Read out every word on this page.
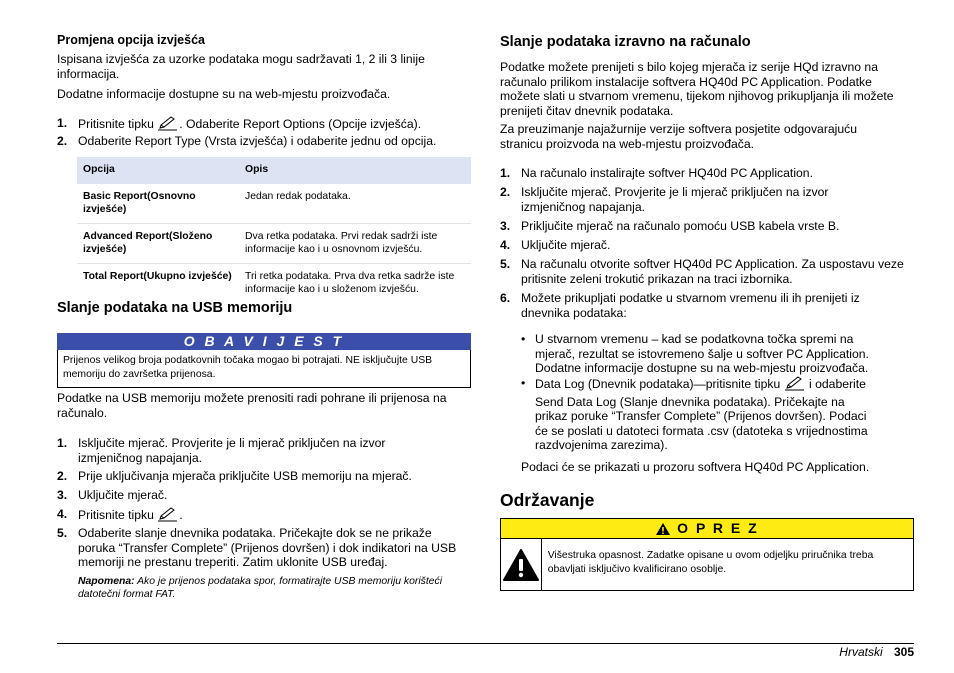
Promjena opcija izvješća
Ispisana izvješća za uzorke podataka mogu sadržavati 1, 2 ili 3 linije informacija.
Dodatne informacije dostupne su na web-mjestu proizvođača.
1. Pritisnite tipku . Odaberite Report Options (Opcije izvješća).
2. Odaberite Report Type (Vrsta izvješća) i odaberite jednu od opcija.
Opcija	Opis
Basic Report(Osnovno izvješće)	Jedan redak podataka.
Advanced Report(Složeno izvješće)	Dva retka podataka. Prvi redak sadrži iste informacije kao i u osnovnom izvješću.
Total Report(Ukupno izvješće)	Tri retka podataka. Prva dva retka sadrže iste informacije kao i u složenom izvješću.
Slanje podataka na USB memoriju
O B A V I J E S T
Prijenos velikog broja podatkovnih točaka mogao bi potrajati. NE isključujte USB memoriju do završetka prijenosa.
Podatke na USB memoriju možete prenositi radi pohrane ili prijenosa na računalo.
1. Isključite mjerač. Provjerite je li mjerač priključen na izvor izmjeničnog napajanja.
2. Prije uključivanja mjerača priključite USB memoriju na mjerač.
3. Uključite mjerač.
4. Pritisnite tipku .
5. Odaberite slanje dnevnika podataka. Pričekajte dok se ne prikaže poruka “Transfer Complete” (Prijenos dovršen) i dok indikatori na USB memoriji ne prestanu treperiti. Zatim uklonite USB uređaj.
Napomena: Ako je prijenos podataka spor, formatirajte USB memoriju korišteći datotečni format FAT.
Slanje podataka izravno na računalo
Podatke možete prenijeti s bilo kojeg mjerača iz serije HQd izravno na računalo prilikom instalacije softvera HQ40d PC Application. Podatke možete slati u stvarnom vremenu, tijekom njihovog prikupljanja ili možete prenijeti čitav dnevnik podataka.
Za preuzimanje najažurnije verzije softvera posjetite odgovarajuću stranicu proizvoda na web-mjestu proizvođača.
1. Na računalo instalirajte softver HQ40d PC Application.
2. Isključite mjerač. Provjerite je li mjerač priključen na izvor izmjeničnog napajanja.
3. Priključite mjerač na računalo pomoću USB kabela vrste B.
4. Uključite mjerač.
5. Na računalu otvorite softver HQ40d PC Application. Za uspostavu veze pritisnite zeleni trokutić prikazan na traci izbornika.
6. Možete prikupljati podatke u stvarnom vremenu ili ih prenijeti iz dnevnika podataka:
• U stvarnom vremenu – kad se podatkovna točka spremi na mjerač, rezultat se istovremeno šalje u softver PC Application. Dodatne informacije dostupne su na web-mjestu proizvođača.
• Data Log (Dnevnik podataka)—pritisnite tipku i odaberite Send Data Log (Slanje dnevnika podataka). Pričekajte na prikaz poruke “Transfer Complete” (Prijenos dovršen). Podaci će se poslati u datoteci formata .csv (datoteka s vrijednostima razdvojenima zarezima).
Podaci će se prikazati u prozoru softvera HQ40d PC Application.
Održavanje
O P R E Z
Višestruka opasnost. Zadatke opisane u ovom odjeljku priručnika treba obavljati isključivo kvalificirano osoblje.
Hrvatski 305
